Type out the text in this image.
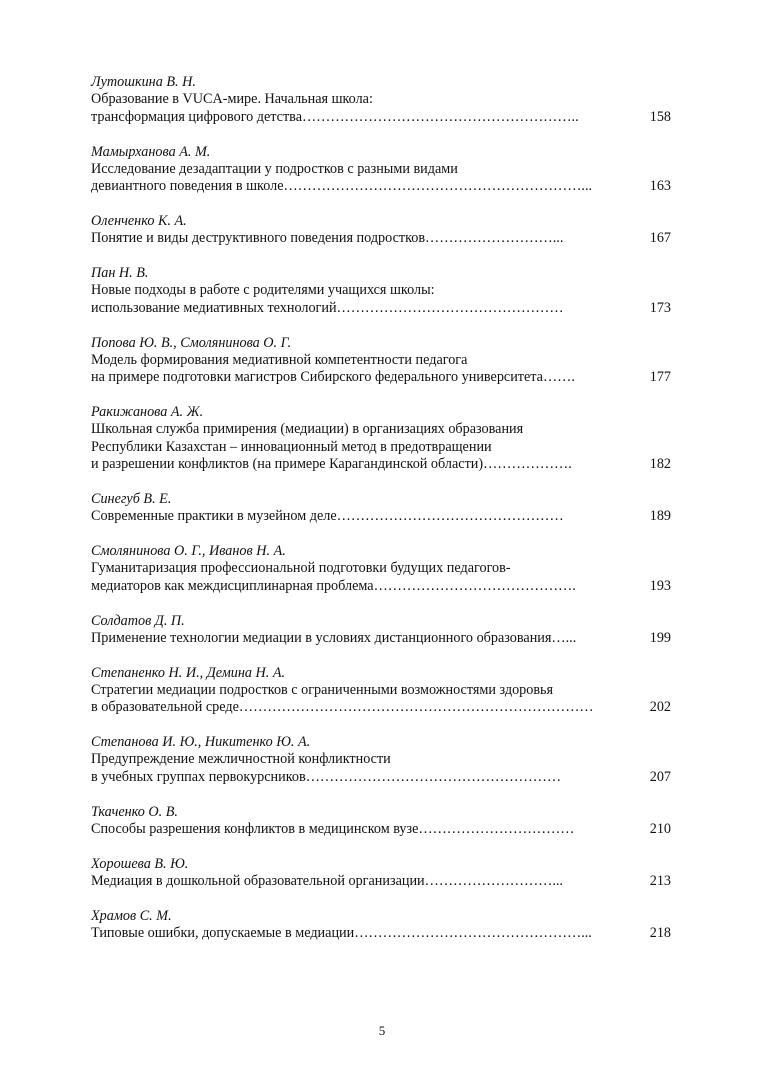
Лутошкина В. Н.
Образование в VUCA-мире. Начальная школа:
трансформация цифрового детства…………………………………………………..	158
Мамырханова А. М.
Исследование дезадаптации у подростков с разными видами
девиантного поведения в школе………………………………………………………...	163
Оленченко К. А.
Понятие и виды деструктивного поведения подростков………………………...	167
Пан Н. В.
Новые подходы в работе с родителями учащихся школы:
использование медиативных технологий…………………………………………	173
Попова Ю. В., Смолянинова О. Г.
Модель формирования медиативной компетентности педагога
на примере подготовки магистров Сибирского федерального университета…….	177
Ракижанова А. Ж.
Школьная служба примирения (медиации) в организациях образования
Республики Казахстан – инновационный метод в предотвращении
и разрешении конфликтов (на примере Карагандинской области)……………….	182
Синегуб В. Е.
Современные практики в музейном деле…………………………………………	189
Смолянинова О. Г., Иванов Н. А.
Гуманитаризация профессиональной подготовки будущих педагогов-
медиаторов как междисциплинарная проблема…………………………………….	193
Солдатов Д. П.
Применение технологии медиации в условиях дистанционного образования…...	199
Степаненко Н. И., Демина Н. А.
Стратегии медиации подростков с ограниченными возможностями здоровья
в образовательной среде…………………………………………………………………	202
Степанова И. Ю., Никитенко Ю. А.
Предупреждение межличностной конфликтности
в учебных группах первокурсников………………………………………………	207
Ткаченко О. В.
Способы разрешения конфликтов в медицинском вузе……………………………	210
Хорошева В. Ю.
Медиация в дошкольной образовательной организации………………………...	213
Храмов С. М.
Типовые ошибки, допускаемые в медиации…………………………………………...	218
5
